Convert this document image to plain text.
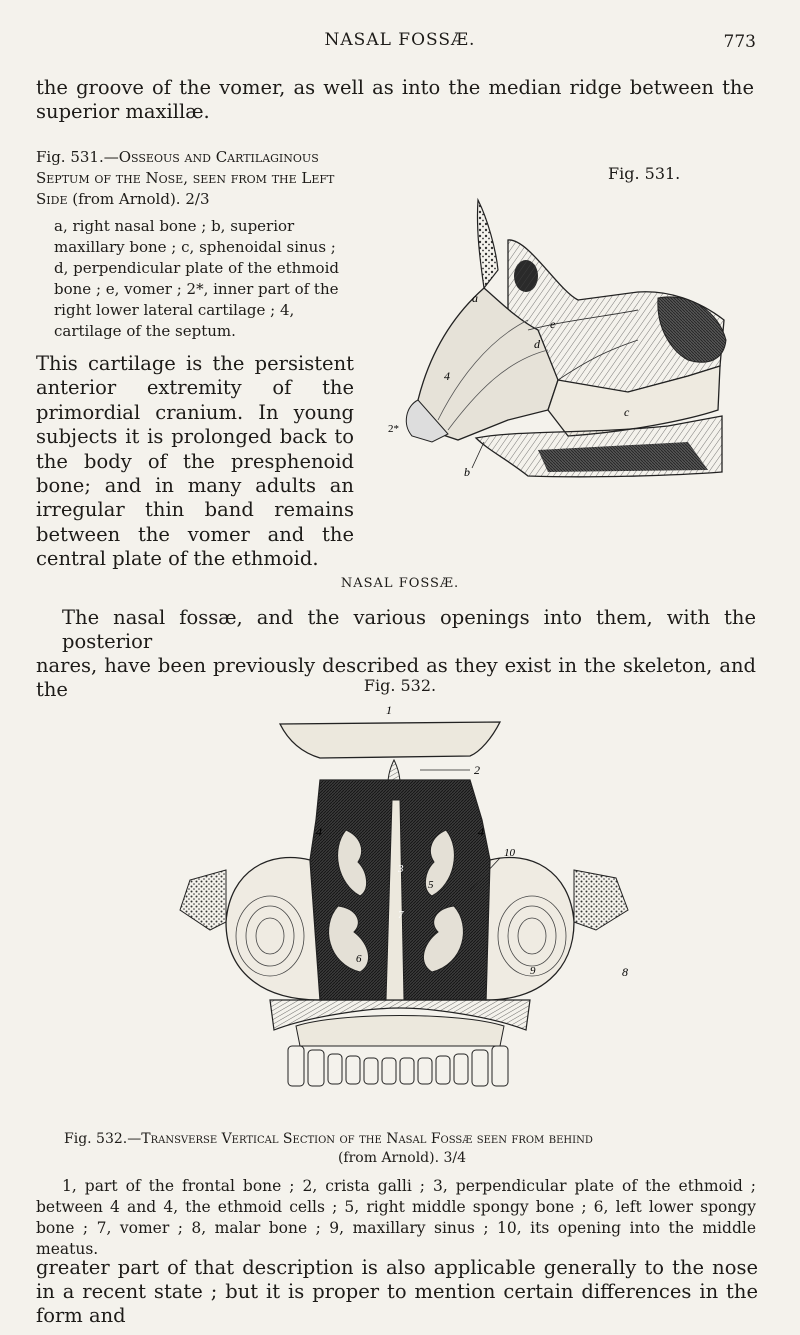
NASAL FOSSÆ.	773
the groove of the vomer, as well as into the median ridge between the superior maxillæ.
Fig. 531.—Osseous and Cartilaginous Septum of the Nose, seen from the Left Side (from Arnold). 2/3
a, right nasal bone ; b, superior maxillary bone ; c, sphenoidal sinus ; d, perpendicular plate of the ethmoid bone ; e, vomer ; 2*, inner part of the right lower lateral cartilage ; 4, cartilage of the septum.
Fig. 531.
a
d
e
c
4
2*
b
This cartilage is the persistent anterior extremity of the primordial cranium. In young subjects it is prolonged back to the body of the presphenoid bone; and in many adults an irregular thin band remains between the vomer and the central plate of the ethmoid.
NASAL FOSSÆ.
The nasal fossæ, and the various openings into them, with the posterior
nares, have been previously described as they exist in the skeleton, and the	Fig. 532.
1
2
4	4
3
7
5
6
10
9	8
Fig. 532.—Transverse Vertical Section of the Nasal Fossæ seen from behind
(from Arnold). 3/4
1, part of the frontal bone ; 2, crista galli ; 3, perpendicular plate of the ethmoid ; between 4 and 4, the ethmoid cells ; 5, right middle spongy bone ; 6, left lower spongy bone ; 7, vomer ; 8, malar bone ; 9, maxillary sinus ; 10, its opening into the middle meatus.
greater part of that description is also applicable generally to the nose in a recent state ; but it is proper to mention certain differences in the form and
